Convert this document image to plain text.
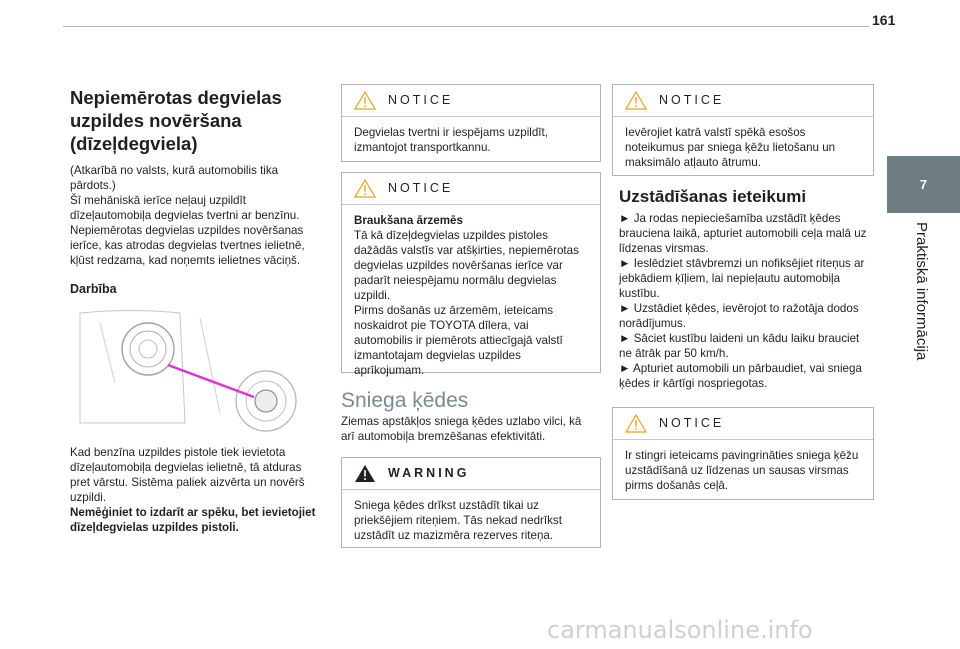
161
7
Praktiskā informācija
Nepiemērotas degvielas uzpildes novēršana (dīzeļdegviela)

(Atkarībā no valsts, kurā automobilis tika pārdots.)

Šī mehāniskā ierīce neļauj uzpildīt dīzeļautomobiļa degvielas tvertni ar benzīnu. Nepiemērotas degvielas uzpildes novēršanas ierīce, kas atrodas degvielas tvertnes ielietnē, kļūst redzama, kad noņemts ielietnes vāciņš.

Darbība

Kad benzīna uzpildes pistole tiek ievietota dīzeļautomobiļa degvielas ielietnē, tā atduras pret vārstu. Sistēma paliek aizvērta un novērš uzpildi.

Nemēģiniet to izdarīt ar spēku, bet ievietojiet dīzeļdegvielas uzpildes pistoli.

NOTICE

Degvielas tvertni ir iespējams uzpildīt, izmantojot transportkannu.

NOTICE

Braukšana ārzemēs

Tā kā dīzeļdegvielas uzpildes pistoles dažādās valstīs var atšķirties, nepiemērotas degvielas uzpildes novēršanas ierīce var padarīt neiespējamu normālu degvielas uzpildi.

Pirms došanās uz ārzemēm, ieteicams noskaidrot pie TOYOTA dīlera, vai automobilis ir piemērots attiecīgajā valstī izmantotajam degvielas uzpildes aprīkojumam.

Sniega ķēdes

Ziemas apstākļos sniega ķēdes uzlabo vilci, kā arī automobiļa bremzēšanas efektivitāti.

WARNING

Sniega ķēdes drīkst uzstādīt tikai uz priekšējiem riteņiem. Tās nekad nedrīkst uzstādīt uz mazizmēra rezerves riteņa.

NOTICE

Ievērojiet katrā valstī spēkā esošos noteikumus par sniega ķēžu lietošanu un maksimālo atļauto ātrumu.

Uzstādīšanas ieteikumi

► Ja rodas nepieciešamība uzstādīt ķēdes brauciena laikā, apturiet automobili ceļa malā uz līdzenas virsmas.

► Ieslēdziet stāvbremzi un nofiksējiet riteņus ar jebkādiem ķīļiem, lai nepieļautu automobiļa kustību.

► Uzstādiet ķēdes, ievērojot to ražotāja dodos norādījumus.

► Sāciet kustību laideni un kādu laiku brauciet ne ātrāk par 50 km/h.

► Apturiet automobili un pārbaudiet, vai sniega ķēdes ir kārtīgi nospriegotas.

NOTICE

Ir stingri ieteicams pavingrināties sniega ķēžu uzstādīšanā uz līdzenas un sausas virsmas pirms došanās ceļā.

carmanualsonline.info
